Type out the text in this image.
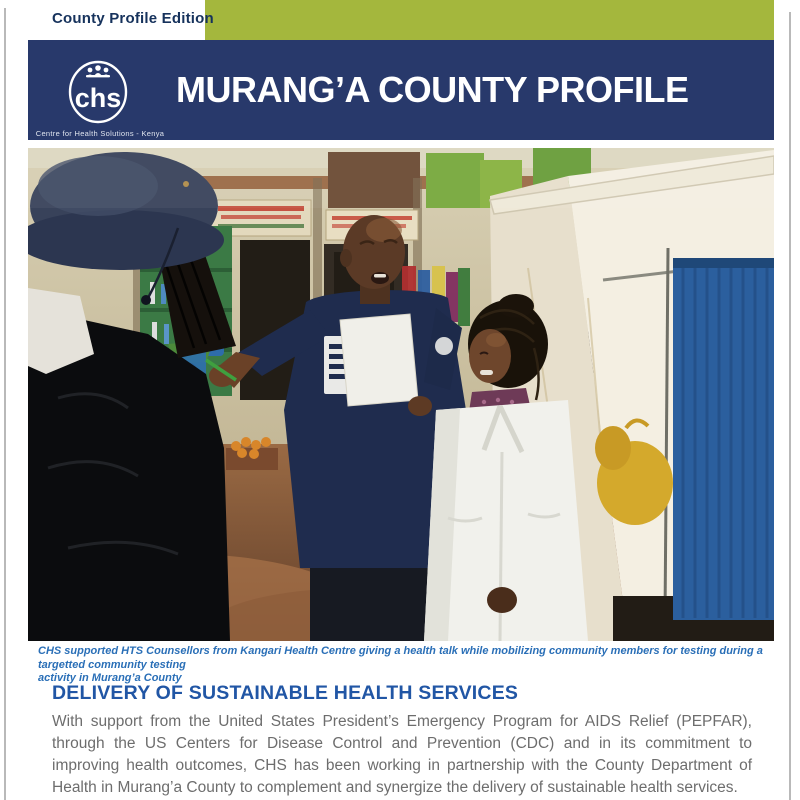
County Profile Edition
chs
Centre for Health Solutions - Kenya
MURANG’A COUNTY PROFILE
CHS supported HTS Counsellors from Kangari Health Centre giving a health talk while mobilizing community members for testing during a targetted community testing
activity in Murang’a County
DELIVERY OF SUSTAINABLE HEALTH SERVICES
With support from the United States President’s Emergency Program for AIDS Relief (PEPFAR), through the US Centers for Disease Control and Prevention (CDC) and in its commitment to improving health outcomes, CHS has been working in partnership with the County Department of Health in Murang’a County to complement and synergize the delivery of sustainable health services.
